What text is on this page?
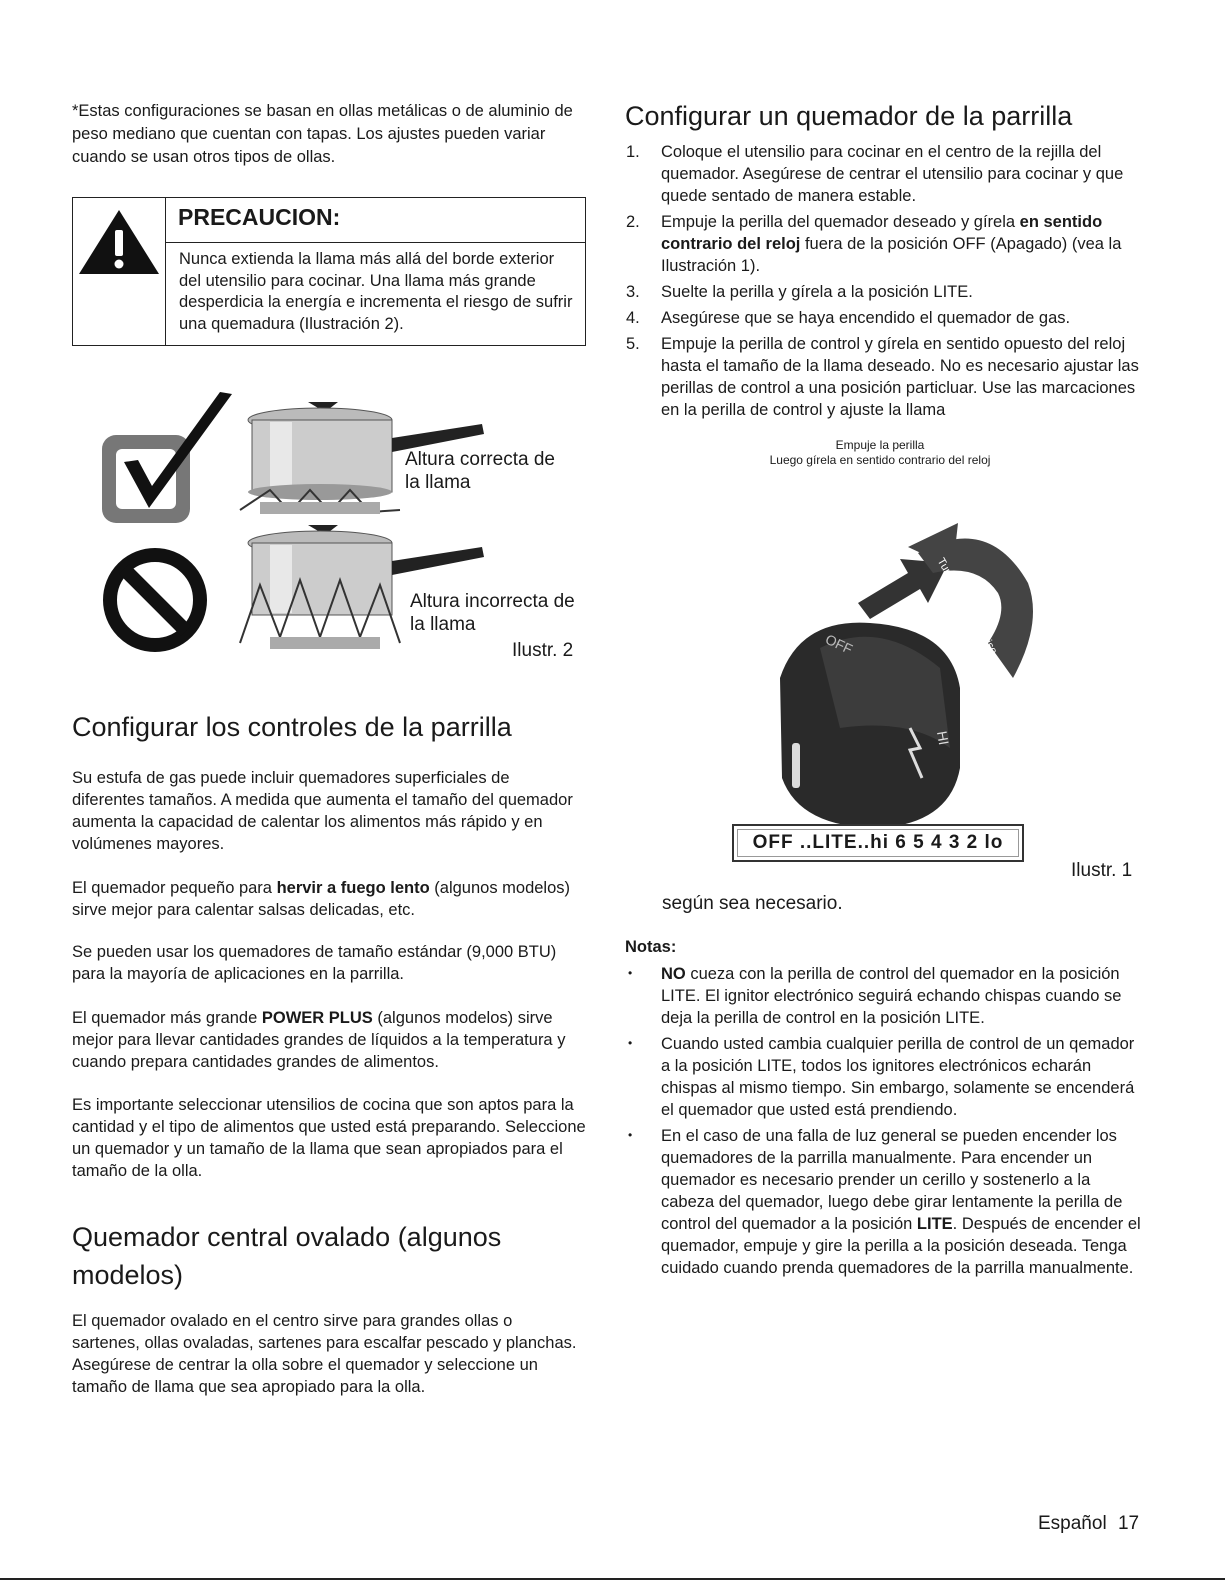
*Estas configuraciones se basan en ollas metálicas o de aluminio de peso mediano que cuentan con tapas. Los ajustes pueden variar cuando se usan otros tipos de ollas.

PRECAUCION:

Nunca extienda la llama más allá del borde exterior del utensilio para cocinar. Una llama más grande desperdicia la energía e incrementa el riesgo de sufrir una quemadura (Ilustración 2).

Altura correcta de la llama
Altura incorrecta de la llama
Ilustr. 2
Configurar los controles de la parrilla

Su estufa de gas puede incluir quemadores superficiales de diferentes tamaños. A medida que aumenta el tamaño del quemador aumenta la capacidad de calentar los alimentos más rápido y en volúmenes mayores.

El quemador pequeño para hervir a fuego lento (algunos modelos) sirve mejor para calentar salsas delicadas, etc.

Se pueden usar los quemadores de tamaño estándar (9,000 BTU) para la mayoría de aplicaciones en la parrilla.

El quemador más grande POWER PLUS (algunos modelos) sirve mejor para llevar cantidades grandes de líquidos a la temperatura y cuando prepara cantidades grandes de alimentos.

Es importante seleccionar utensilios de cocina que son aptos para la cantidad y el tipo de alimentos que usted está preparando. Seleccione un quemador y un tamaño de la llama que sean apropiados para el tamaño de la olla.

Quemador central ovalado (algunos modelos)

El quemador ovalado en el centro sirve para grandes ollas o sartenes, ollas ovaladas, sartenes para escalfar pescado y planchas. Asegúrese de centrar la olla sobre el quemador y seleccione un tamaño de llama que sea apropiado para la olla.

Configurar un quemador de la parrilla
1. Coloque el utensilio para cocinar en el centro de la rejilla del quemador. Asegúrese de centrar el utensilio para cocinar y que quede sentado de manera estable.
2. Empuje la perilla del quemador deseado y gírela en sentido contrario del reloj fuera de la posición OFF (Apagado) (vea la Ilustración 1).
3. Suelte la perilla y gírela a la posición LITE.
4. Asegúrese que se haya encendido el quemador de gas.
5. Empuje la perilla de control y gírela en sentido opuesto del reloj hasta el tamaño de la llama deseado. No es necesario ajustar las perillas de control a una posición particluar. Use las marcaciones en la perilla de control y ajuste la llama
Empuje la perilla
Luego gírela en sentido contrario del reloj
Push in
Turn counterclockwise
OFF
HI
OFF ..LITE..hi 6 5 4 3 2 lo
Ilustr. 1
según sea necesario.
Notas:
• NO cueza con la perilla de control del quemador en la posición LITE. El ignitor electrónico seguirá echando chispas cuando se deja la perilla de control en la posición LITE.
• Cuando usted cambia cualquier perilla de control de un qemador a la posición LITE, todos los ignitores electrónicos echarán chispas al mismo tiempo. Sin embargo, solamente se encenderá el quemador que usted está prendiendo.
• En el caso de una falla de luz general se pueden encender los quemadores de la parrilla manualmente. Para encender un quemador es necesario prender un cerillo y sostenerlo a la cabeza del quemador, luego debe girar lentamente la perilla de control del quemador a la posición LITE. Después de encender el quemador, empuje y gire la perilla a la posición deseada. Tenga cuidado cuando prenda quemadores de la parrilla manualmente.
Español 17
